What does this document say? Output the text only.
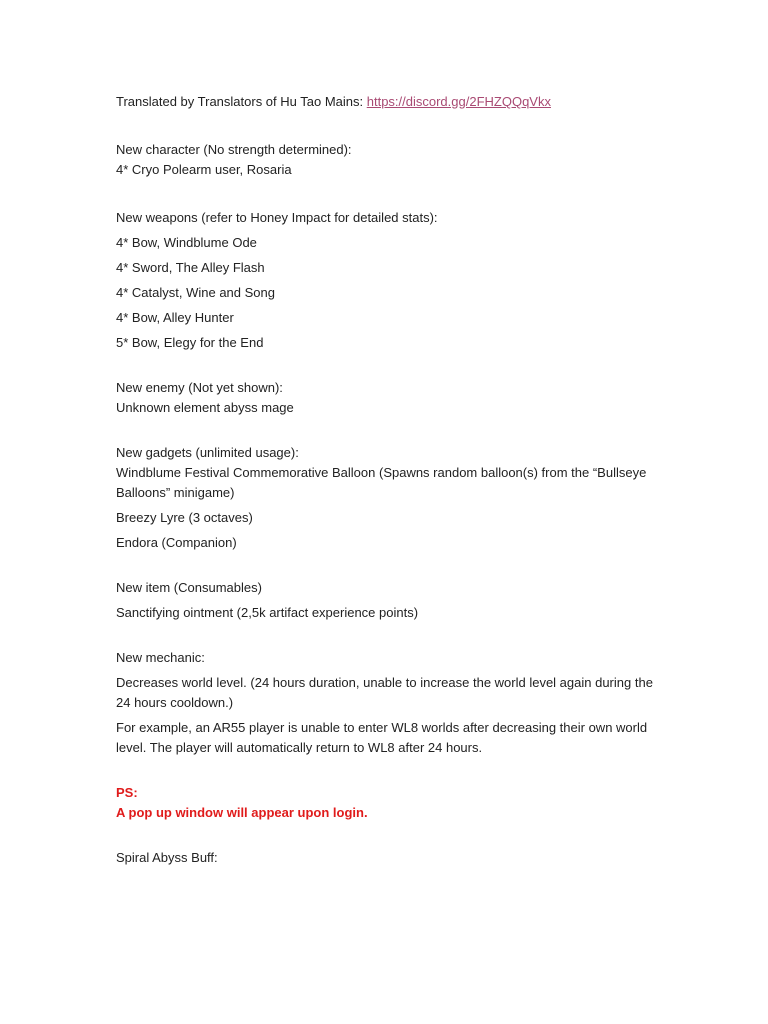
Translated by Translators of Hu Tao Mains: https://discord.gg/2FHZQQqVkx

New character (No strength determined):

4* Cryo Polearm user, Rosaria

New weapons (refer to Honey Impact for detailed stats):

4* Bow, Windblume Ode

4* Sword, The Alley Flash

4* Catalyst, Wine and Song

4* Bow, Alley Hunter

5* Bow, Elegy for the End

New enemy (Not yet shown):

Unknown element abyss mage

New gadgets (unlimited usage):

Windblume Festival Commemorative Balloon (Spawns random balloon(s) from the “Bullseye Balloons” minigame)

Breezy Lyre (3 octaves)

Endora (Companion)

New item (Consumables)

Sanctifying ointment (2,5k artifact experience points)

New mechanic:

Decreases world level. (24 hours duration, unable to increase the world level again during the 24 hours cooldown.)

For example, an AR55 player is unable to enter WL8 worlds after decreasing their own world level. The player will automatically return to WL8 after 24 hours.

PS:

A pop up window will appear upon login.

Spiral Abyss Buff:
